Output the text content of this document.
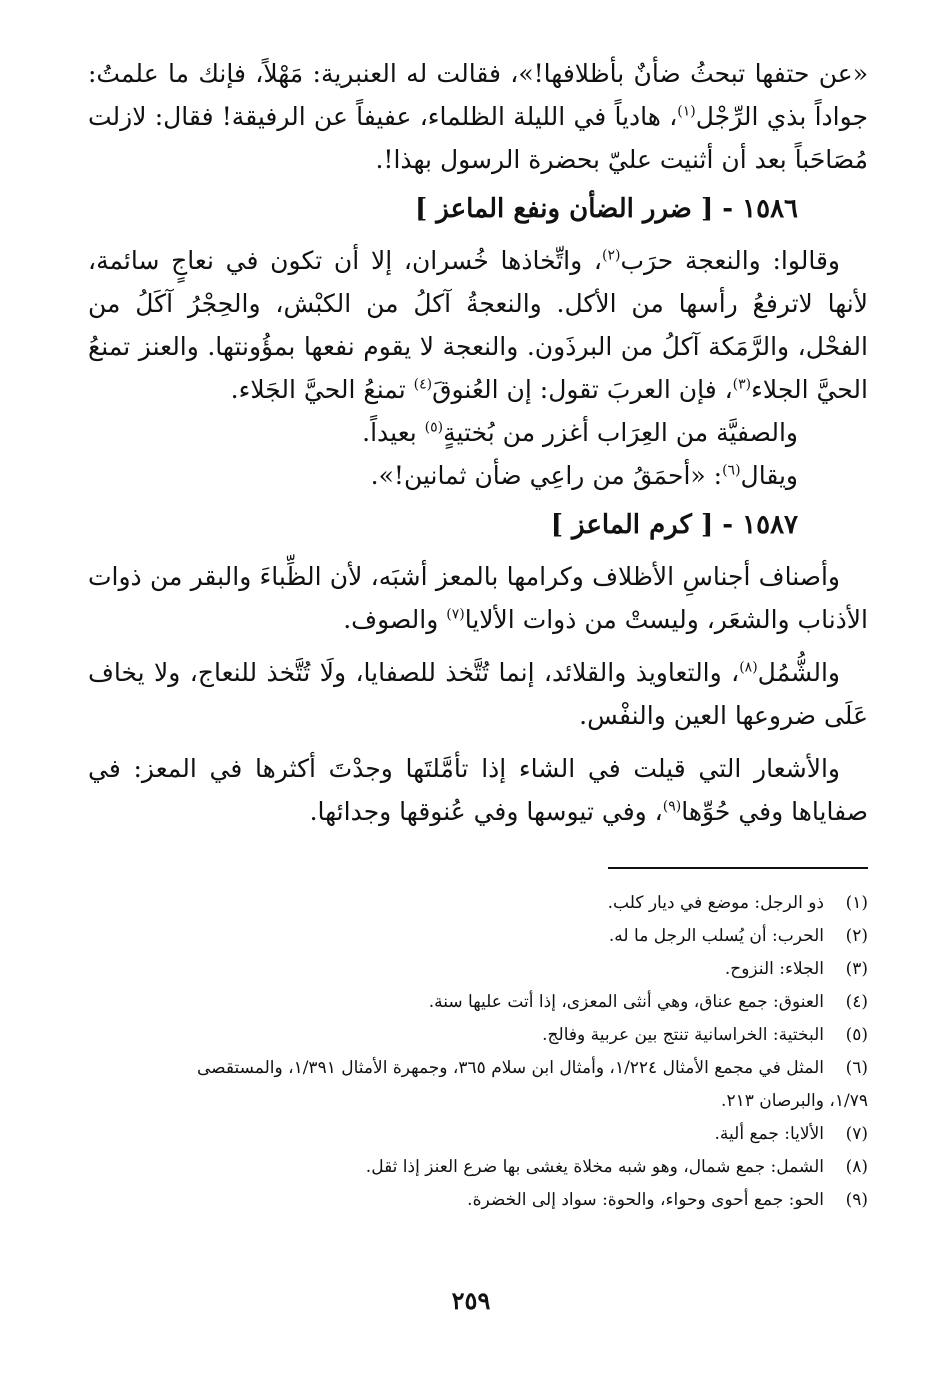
«عن حتفها تبحثُ ضأنٌ بأظلافها!»، فقالت له العنبرية: مَهْلاً، فإنك ما علمتُ: جواداً بذي الرِّجْل$^{(١)}$، هادياً في الليلة الظلماء، عفيفاً عن الرفيقة! فقال: لازلت مُصَاحَباً بعد أن أثنيت عليّ بحضرة الرسول بهذا!.

١٥٨٦ - [ ضرر الضأن ونفع الماعز ]

وقالوا: والنعجة حرَب$^{(٢)}$، واتِّخاذها خُسران، إلا أن تكون في نعاجٍ سائمة، لأنها لاترفعُ رأسها من الأكل. والنعجةُ آكلُ من الكبْش، والحِجْرُ آكَلُ من الفحْل، والرَّمَكة آكلُ من البرذَون. والنعجة لا يقوم نفعها بمؤُونتها. والعنز تمنعُ الحيَّ الجلاء$^{(٣)}$، فإن العربَ تقول: إن العُنوقَ$^{(٤)}$ تمنعُ الحيَّ الجَلاء.

والصفيَّة من العِرَاب أغزر من بُختيةٍ$^{(٥)}$ بعيداً.

ويقال$^{(٦)}$: «أحمَقُ من راعِي ضأن ثمانين!».

١٥٨٧ - [ كرم الماعز ]

وأصناف أجناسِ الأظلاف وكرامها بالمعز أشبَه، لأن الظِّباءَ والبقر من ذوات الأذناب والشعَر، وليستْ من ذوات الألايا$^{(٧)}$ والصوف.

والشُّمُل$^{(٨)}$، والتعاويذ والقلائد، إنما تُتَّخذ للصفايا، ولَا تُتَّخذ للنعاج، ولا يخاف عَلَى ضروعها العين والنفْس.

والأشعار التي قيلت في الشاء إذا تأمَّلتَها وجدْتَ أكثرها في المعز: في صفاياها وفي حُوِّها$^{(٩)}$، وفي تيوسها وفي عُنوقها وجدائها.

(١)ذو الرجل: موضع في ديار كلب.

(٢)الحرب: أن يُسلب الرجل ما له.

(٣)الجلاء: النزوح.

(٤)العنوق: جمع عناق، وهي أنثى المعزى، إذا أتت عليها سنة.

(٥)البختية: الخراسانية تنتج بين عربية وفالج.

(٦)المثل في مجمع الأمثال ١/٢٢٤، وأمثال ابن سلام ٣٦٥، وجمهرة الأمثال ١/٣٩١، والمستقصى

١/٧٩، والبرصان ٢١٣.

(٧)الألايا: جمع ألية.

(٨)الشمل: جمع شمال، وهو شبه مخلاة يغشى بها ضرع العنز إذا ثقل.

(٩)الحو: جمع أحوى وحواء، والحوة: سواد إلى الخضرة.

٢٥٩
